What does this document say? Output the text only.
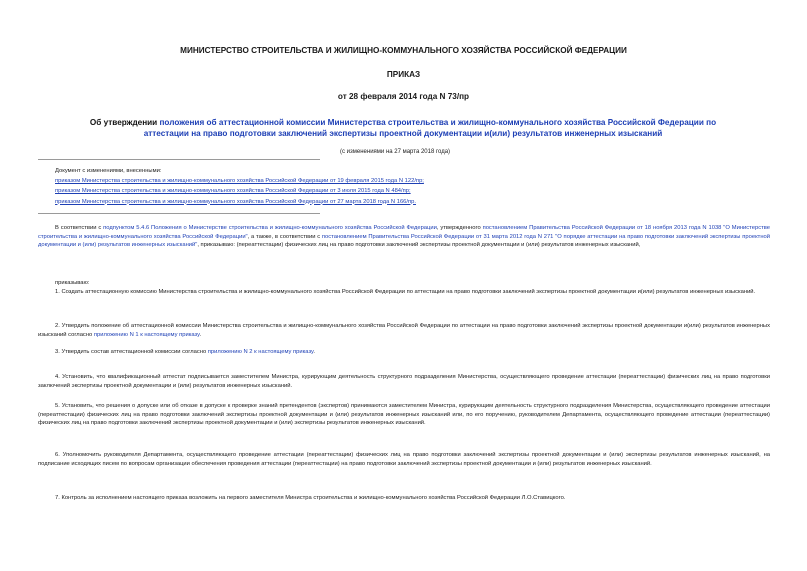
МИНИСТЕРСТВО СТРОИТЕЛЬСТВА И ЖИЛИЩНО-КОММУНАЛЬНОГО ХОЗЯЙСТВА РОССИЙСКОЙ ФЕДЕРАЦИИ
ПРИКАЗ
от 28 февраля 2014 года N 73/пр
Об утверждении положения об аттестационной комиссии Министерства строительства и жилищно-коммунального хозяйства Российской Федерации по аттестации на право подготовки заключений экспертизы проектной документации и(или) результатов инженерных изысканий
(с изменениями на 27 марта 2018 года)
Документ с изменениями, внесенными:
приказом Министерства строительства и жилищно-коммунального хозяйства Российской Федерации от 19 февраля 2015 года N 122/пр;
приказом Министерства строительства и жилищно-коммунального хозяйства Российской Федерации от 3 июля 2015 года N 484/пр;
приказом Министерства строительства и жилищно-коммунального хозяйства Российской Федерации от 27 марта 2018 года N 166/пр.
В соответствии с подпунктом 5.4.6 Положения о Министерстве строительства и жилищно-коммунального хозяйства Российской Федерации, утвержденного постановлением Правительства Российской Федерации от 18 ноября 2013 года N 1038 "О Министерстве строительства и жилищно-коммунального хозяйства Российской Федерации", а также, в соответствии с постановлением Правительства Российской Федерации от 31 марта 2012 года N 271 "О порядке аттестации на право подготовки заключений экспертизы проектной документации и (или) результатов инженерных изысканий", приказываю: (переаттестации) физических лиц на право подготовки заключений экспертизы проектной документации и (или) результатов инженерных изысканий,
приказываю:
1. Создать аттестационную комиссию Министерства строительства и жилищно-коммунального хозяйства Российской Федерации по аттестации на право подготовки заключений экспертизы проектной документации и(или) результатов инженерных изысканий.
2. Утвердить положение об аттестационной комиссии Министерства строительства и жилищно-коммунального хозяйства Российской Федерации по аттестации на право подготовки заключений экспертизы проектной документации и(или) результатов инженерных изысканий согласно приложению N 1 к настоящему приказу.
3. Утвердить состав аттестационной комиссии согласно приложению N 2 к настоящему приказу.
4. Установить, что квалификационный аттестат подписывается заместителем Министра, курирующим деятельность структурного подразделения Министерства, осуществляющего проведение аттестации (переаттестации) физических лиц на право подготовки заключений экспертизы проектной документации и (или) результатов инженерных изысканий.
5. Установить, что решения о допуске или об отказе в допуске к проверке знаний претендентов (экспертов) принимаются заместителем Министра, курирующим деятельность структурного подразделения Министерства, осуществляющего проведение аттестации (переаттестации) физических лиц на право подготовки заключений экспертизы проектной документации и (или) результатов инженерных изысканий или, по его поручению, руководителем Департамента, осуществляющего проведение аттестации (переаттестации) физических лиц на право подготовки заключений экспертизы проектной документации и (или) экспертизы результатов инженерных изысканий.
6. Уполномочить руководителя Департамента, осуществляющего проведение аттестации (переаттестации) физических лиц на право подготовки заключений экспертизы проектной документации и (или) экспертизы результатов инженерных изысканий, на подписание исходящих писем по вопросам организации обеспечения проведения аттестации (переаттестации) на право подготовки заключений экспертизы проектной документации и (или) результатов инженерных изысканий.
7. Контроль за исполнением настоящего приказа возложить на первого заместителя Министра строительства и жилищно-коммунального хозяйства Российской Федерации Л.О.Ставицкого.
